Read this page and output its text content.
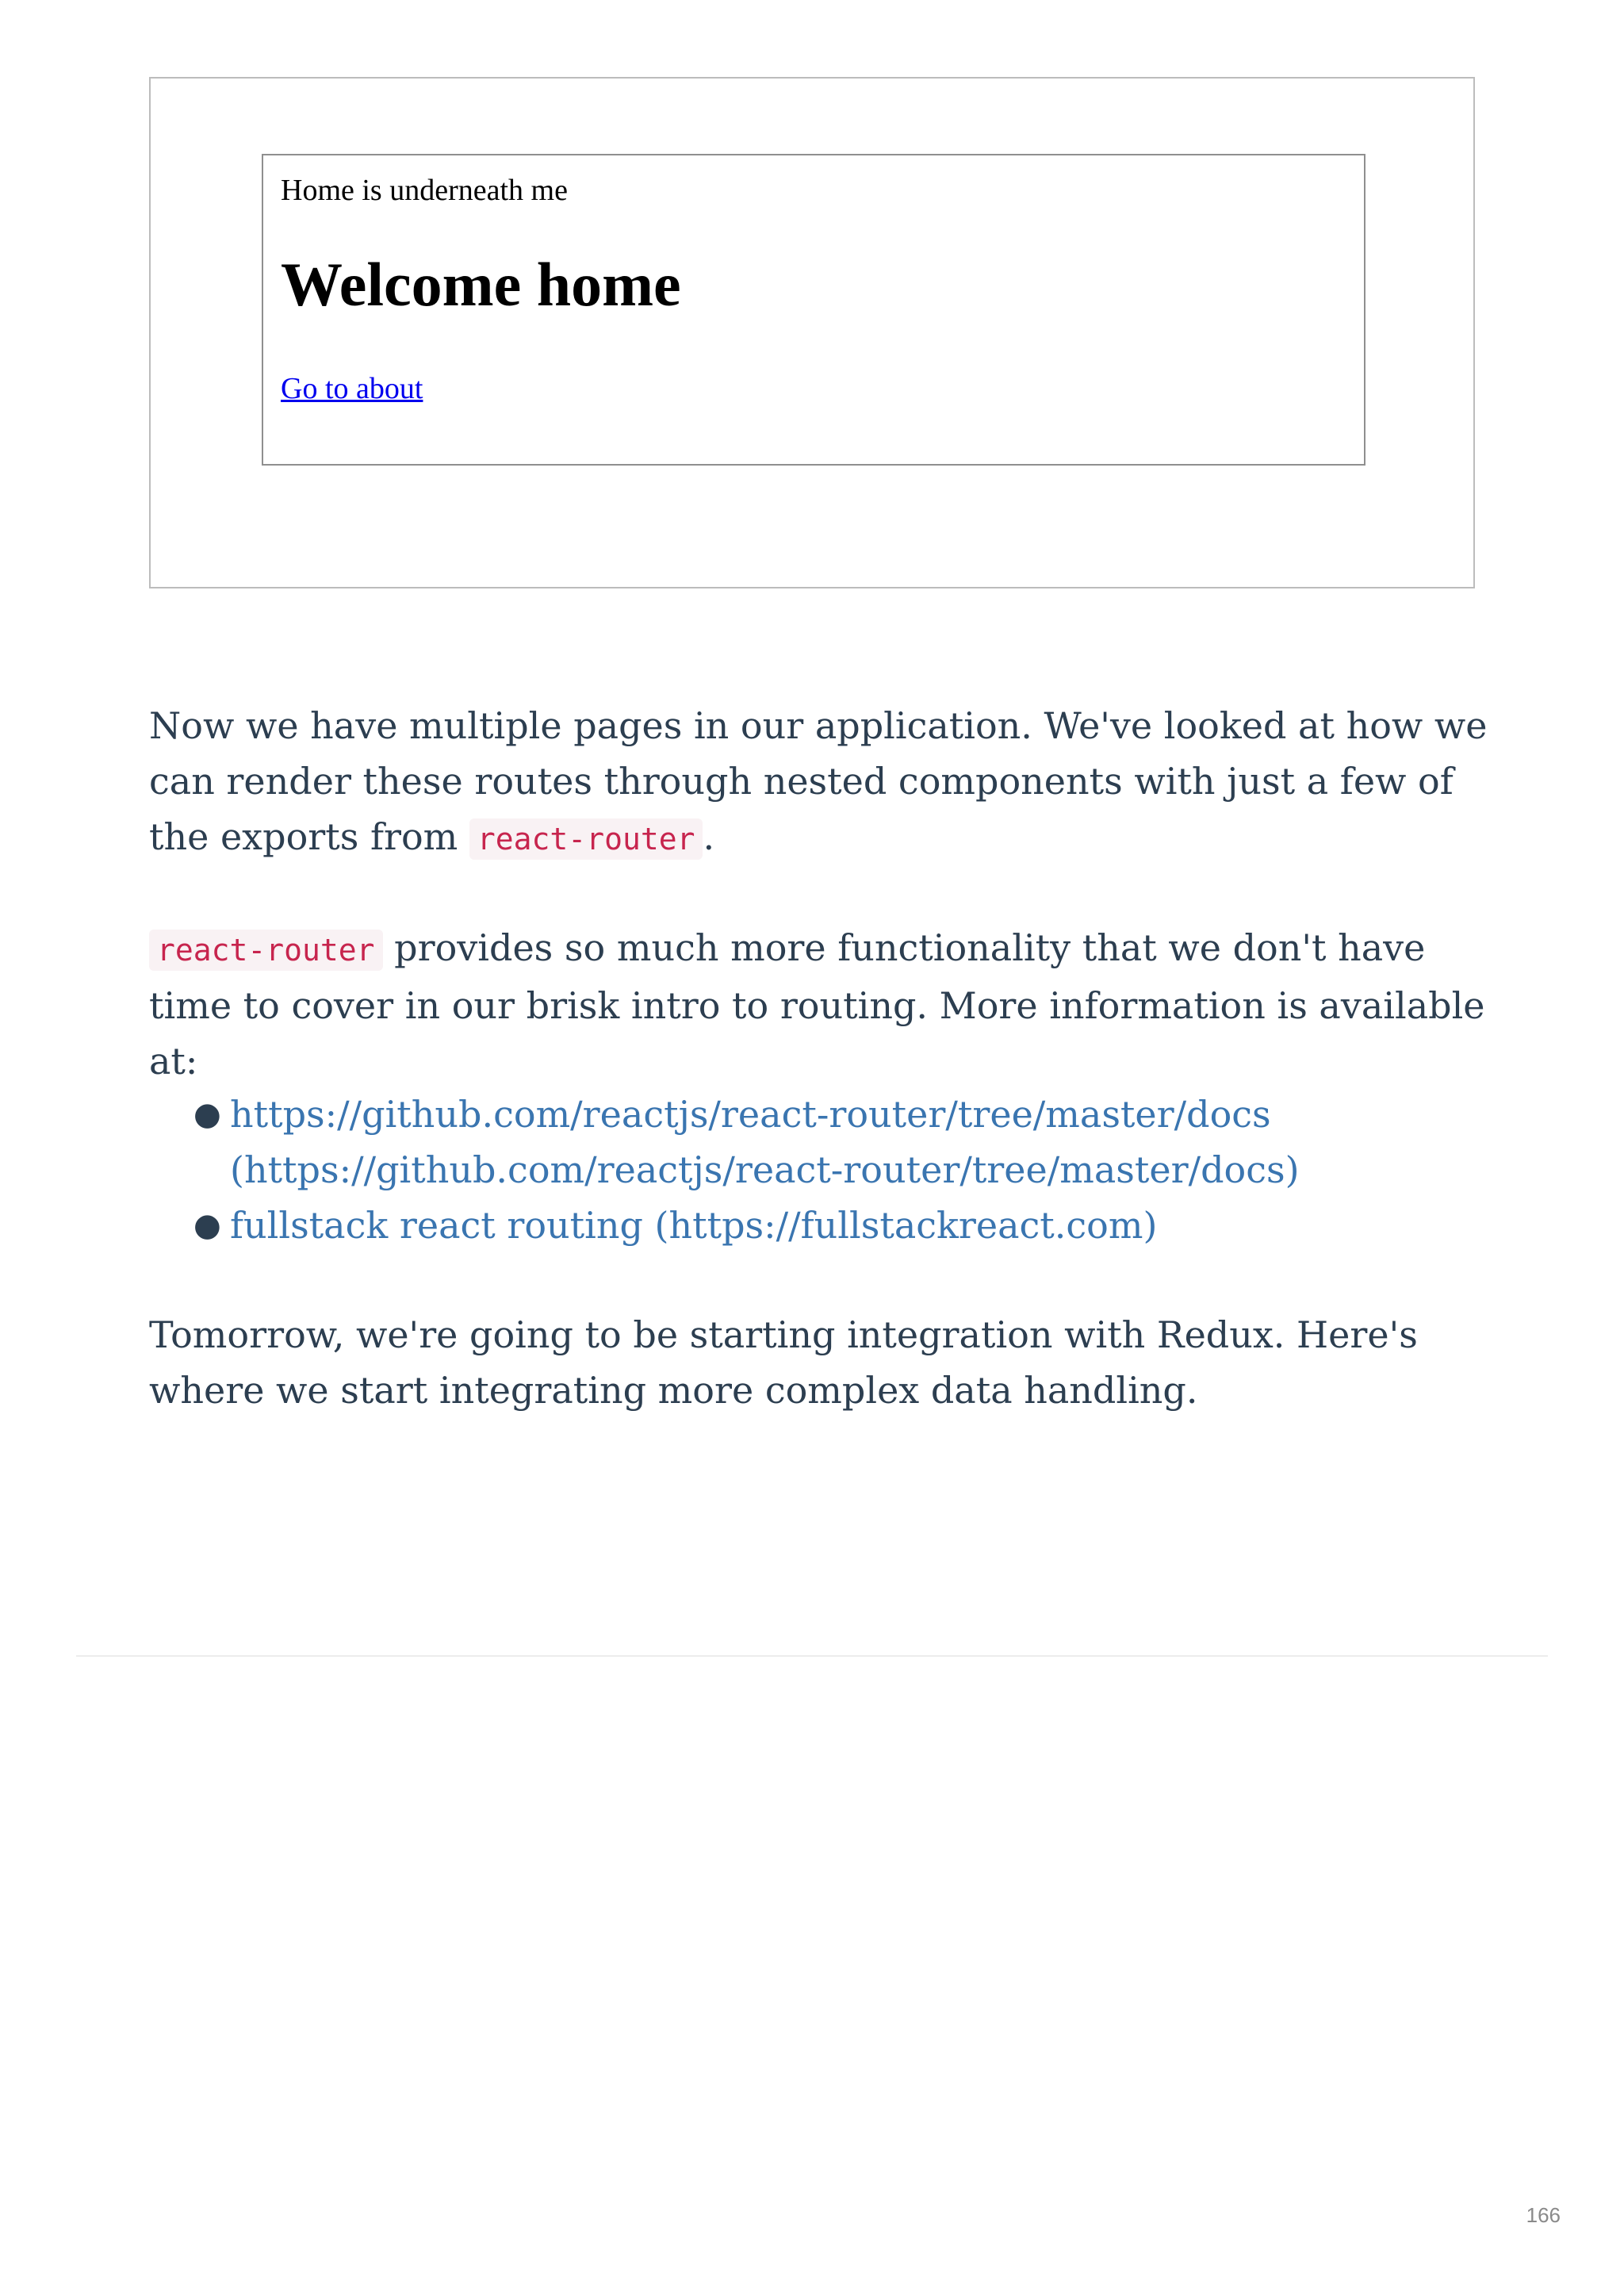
Home is underneath me
Welcome home
Go to about

Now we have multiple pages in our application. We've looked at how we can render these routes through nested components with just a few of the exports from react-router .

react-router provides so much more functionality that we don't have time to cover in our brisk intro to routing. More information is available at:

● https://github.com/reactjs/react-router/tree/master/docs (https://github.com/reactjs/react-router/tree/master/docs)
● fullstack react routing (https://fullstackreact.com)

Tomorrow, we're going to be starting integration with Redux. Here's where we start integrating more complex data handling.

166
